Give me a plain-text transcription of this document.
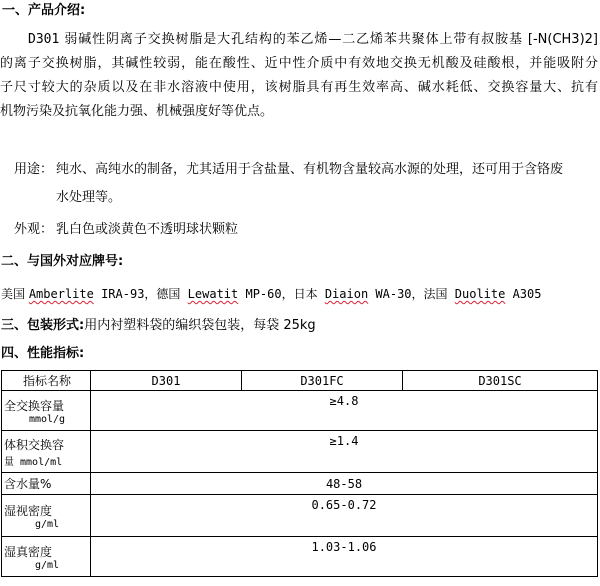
一、产品介绍:
D301 弱碱性阴离子交换树脂是大孔结构的苯乙烯—二乙烯苯共聚体上带有叔胺基 [-N(CH3)2]
的离子交换树脂，其碱性较弱，能在酸性、近中性介质中有效地交换无机酸及硅酸根，并能吸附分
子尺寸较大的杂质以及在非水溶液中使用，该树脂具有再生效率高、碱水耗低、交换容量大、抗有
机物污染及抗氧化能力强、机械强度好等优点。
用途： 纯水、高纯水的制备，尤其适用于含盐量、有机物含量较高水源的处理，还可用于含铬废
水处理等。
外观： 乳白色或淡黄色不透明球状颗粒
二、与国外对应牌号:
美国 Amberlite IRA-93，德国 Lewatit MP-60，日本 Diaion WA-30，法国 Duolite A305
三、包装形式:用内衬塑料袋的编织袋包装，每袋 25kg
四、性能指标:
指标名称	D301	D301FC	D301SC

全交换容量
mmol/g	≥4.8		

体积交换容
量 mmol/ml	≥1.4		
含水量%	48-58		

湿视密度
g/ml	0.65-0.72		

湿真密度
g/ml	1.03-1.06		
